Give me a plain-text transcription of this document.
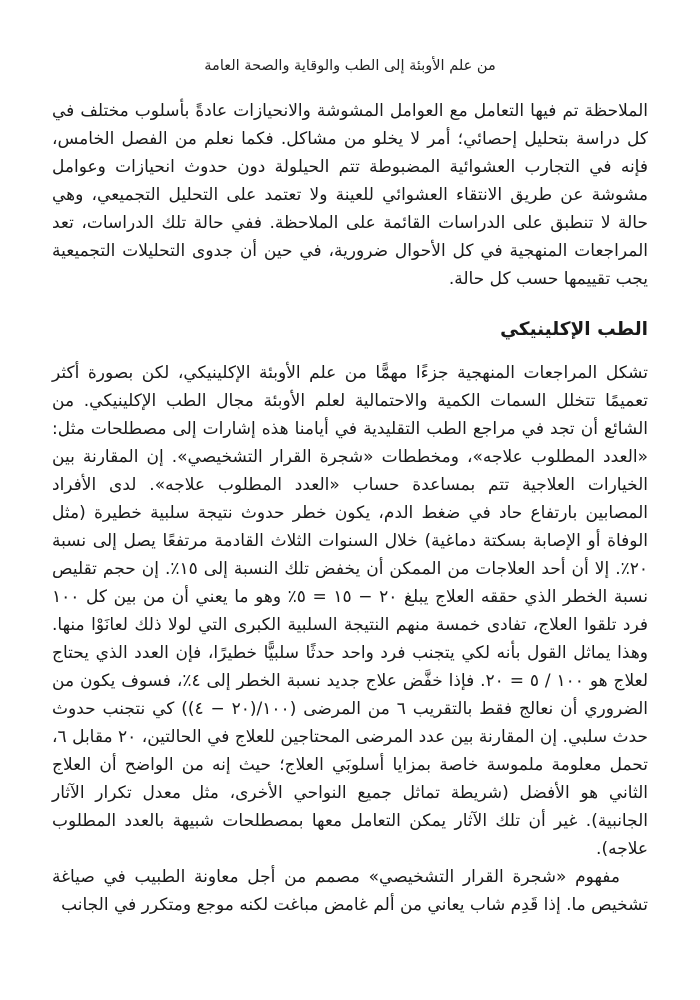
من علم الأوبئة إلى الطب والوقاية والصحة العامة

الملاحظة تم فيها التعامل مع العوامل المشوشة والانحيازات عادةً بأسلوب مختلف في كل دراسة بتحليل إحصائي؛ أمر لا يخلو من مشاكل. فكما نعلم من الفصل الخامس، فإنه في التجارب العشوائية المضبوطة تتم الحيلولة دون حدوث انحيازات وعوامل مشوشة عن طريق الانتقاء العشوائي للعينة ولا تعتمد على التحليل التجميعي، وهي حالة لا تنطبق على الدراسات القائمة على الملاحظة. ففي حالة تلك الدراسات، تعد المراجعات المنهجية في كل الأحوال ضرورية، في حين أن جدوى التحليلات التجميعية يجب تقييمها حسب كل حالة.

الطب الإكلينيكي

تشكل المراجعات المنهجية جزءًا مهمًّا من علم الأوبئة الإكلينيكي، لكن بصورة أكثر تعميمًا تتخلل السمات الكمية والاحتمالية لعلم الأوبئة مجال الطب الإكلينيكي. من الشائع أن تجد في مراجع الطب التقليدية في أيامنا هذه إشارات إلى مصطلحات مثل: «العدد المطلوب علاجه»، ومخططات «شجرة القرار التشخيصي». إن المقارنة بين الخيارات العلاجية تتم بمساعدة حساب «العدد المطلوب علاجه». لدى الأفراد المصابين بارتفاع حاد في ضغط الدم، يكون خطر حدوث نتيجة سلبية خطيرة (مثل الوفاة أو الإصابة بسكتة دماغية) خلال السنوات الثلاث القادمة مرتفعًا يصل إلى نسبة ٢٠٪. إلا أن أحد العلاجات من الممكن أن يخفض تلك النسبة إلى ١٥٪. إن حجم تقليص نسبة الخطر الذي حققه العلاج يبلغ ٢٠ − ١٥ = ٥٪ وهو ما يعني أن من بين كل ١٠٠ فرد تلقوا العلاج، تفادى خمسة منهم النتيجة السلبية الكبرى التي لولا ذلك لعانَوْا منها. وهذا يماثل القول بأنه لكي يتجنب فرد واحد حدثًا سلبيًّا خطيرًا، فإن العدد الذي يحتاج لعلاج هو ١٠٠ / ٥ = ٢٠. فإذا خفَّض علاج جديد نسبة الخطر إلى ٤٪، فسوف يكون من الضروري أن نعالج فقط بالتقريب ٦ من المرضى (١٠٠/(٢٠ − ٤)) كي نتجنب حدوث حدث سلبي. إن المقارنة بين عدد المرضى المحتاجين للعلاج في الحالتين، ٢٠ مقابل ٦، تحمل معلومة ملموسة خاصة بمزايا أسلوبَي العلاج؛ حيث إنه من الواضح أن العلاج الثاني هو الأفضل (شريطة تماثل جميع النواحي الأخرى، مثل معدل تكرار الآثار الجانبية). غير أن تلك الآثار يمكن التعامل معها بمصطلحات شبيهة بالعدد المطلوب علاجه).

مفهوم «شجرة القرار التشخيصي» مصمم من أجل معاونة الطبيب في صياغة تشخيص ما. إذا قَدِم شاب يعاني من ألم غامض مباغت لكنه موجع ومتكرر في الجانب
